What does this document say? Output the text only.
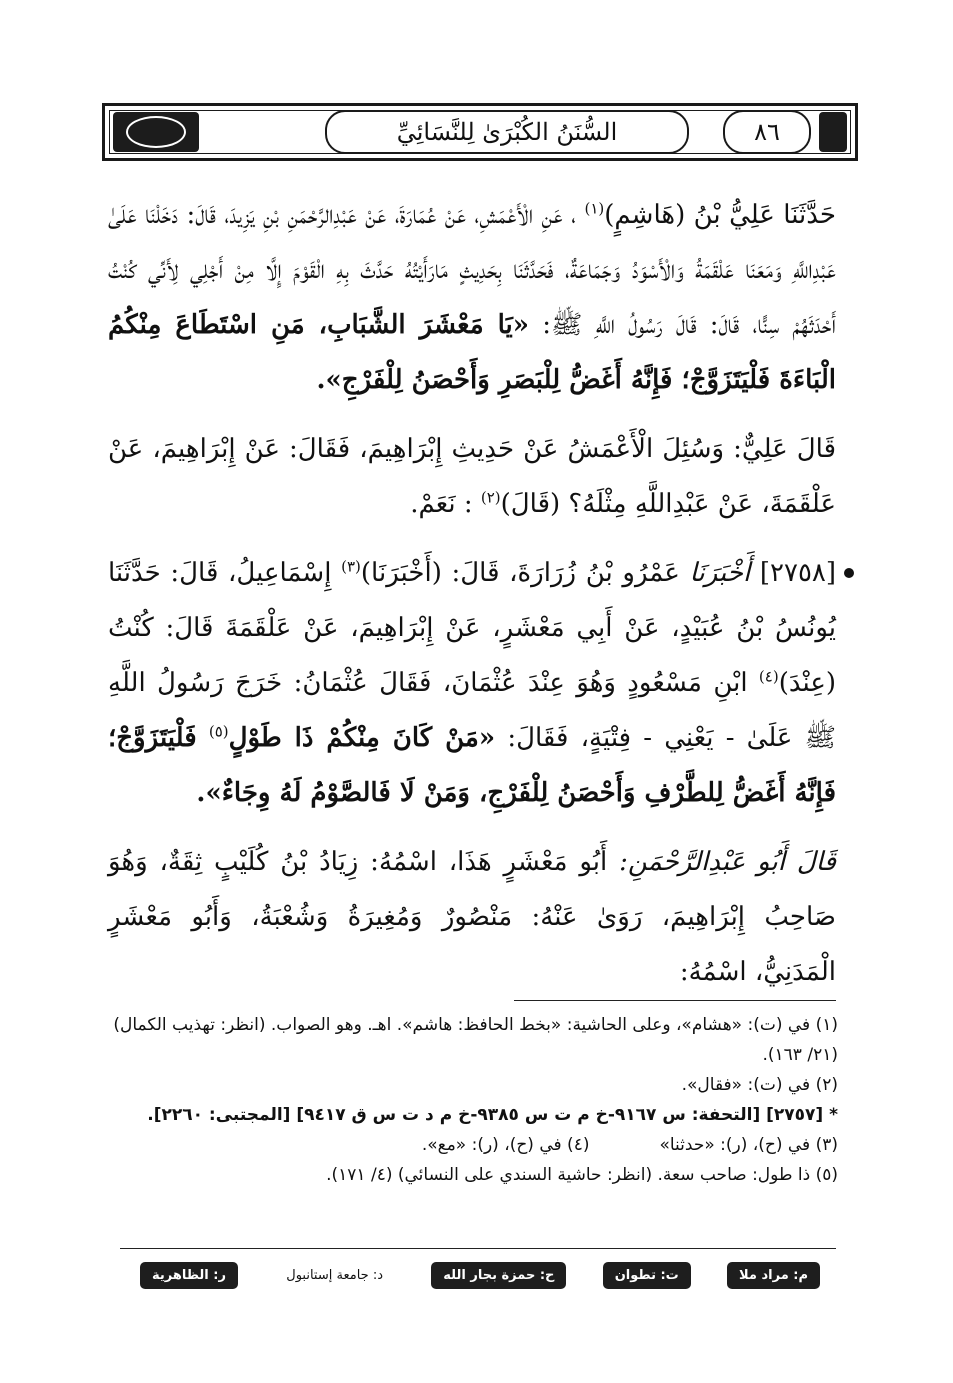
السُّنَنُ الكُبْرَىٰ لِلنَّسَائِيِّ	٨٦
حَدَّثَنَا عَلِيُّ بْنُ (هَاشِمٍ)$^{(١)}$ ، عَنِ الْأَعْمَشِ، عَنْ عُمَارَةَ، عَنْ عَبْدِالرَّحْمَنِ بْنِ يَزِيدَ، قَالَ: دَخَلْنَا عَلَىٰ عَبْدِاللَّهِ وَمَعَنَا عَلْقَمَةُ وَالْأَسْوَدُ وَجَمَاعَةٌ، فَحَدَّثَنَا بِحَدِيثٍ مَارَأَيْتُهُ حَدَّثَ بِهِ الْقَوْمَ إِلَّا مِنْ أَجْلِي لِأَنِّي كُنْتُ أَحْدَثَهُمْ سِنًّا، قَالَ: قَالَ رَسُولُ اللَّهِ ﷺ: «يَا مَعْشَرَ الشَّبَابِ، مَنِ اسْتَطَاعَ مِنْكُمُ الْبَاءَةَ فَلْيَتَزَوَّجْ؛ فَإِنَّهُ أَغَضُّ لِلْبَصَرِ وَأَحْصَنُ لِلْفَرْجِ».
قَالَ عَلِيٌّ: وَسُئِلَ الْأَعْمَشُ عَنْ حَدِيثِ إِبْرَاهِيمَ، فَقَالَ: عَنْ إِبْرَاهِيمَ، عَنْ عَلْقَمَةَ، عَنْ عَبْدِاللَّهِ مِثْلَهُ؟ (قَالَ)$^{(٢)}$ : نَعَمْ.
[٢٧٥٨] أَخْبَرَنَا عَمْرُو بْنُ زُرَارَةَ، قَالَ: (أَخْبَرَنَا)$^{(٣)}$ إِسْمَاعِيلُ، قَالَ: حَدَّثَنَا يُونُسُ بْنُ عُبَيْدٍ، عَنْ أَبِي مَعْشَرٍ، عَنْ إِبْرَاهِيمَ، عَنْ عَلْقَمَةَ قَالَ: كُنْتُ (عِنْدَ)$^{(٤)}$ ابْنِ مَسْعُودٍ وَهُوَ عِنْدَ عُثْمَانَ، فَقَالَ عُثْمَانُ: خَرَجَ رَسُولُ اللَّهِ ﷺ عَلَىٰ - يَعْنِي - فِتْيَةٍ، فَقَالَ: «مَنْ كَانَ مِنْكُمْ ذَا طَوْلٍ$^{(٥)}$ فَلْيَتَزَوَّجْ؛ فَإِنَّهُ أَغَضُّ لِلطَّرْفِ وَأَحْصَنُ لِلْفَرْجِ، وَمَنْ لَا فَالصَّوْمُ لَهُ وِجَاءٌ».
قَالَ أَبُو عَبْدِالرَّحْمَنِ: أَبُو مَعْشَرٍ هَذَا، اسْمُهُ: زِيَادُ بْنُ كُلَيْبٍ ثِقَةٌ، وَهُوَ صَاحِبُ إِبْرَاهِيمَ، رَوَىٰ عَنْهُ: مَنْصُورٌ وَمُغِيرَةُ وَشُعْبَةُ، وَأَبُو مَعْشَرٍ الْمَدَنِيُّ، اسْمُهُ:

(١) في (ت): «هشام»، وعلى الحاشية: «بخط الحافظ: هاشم». اهـ. وهو الصواب. (انظر: تهذيب الكمال) (٢١/ ١٦٣).

(٢) في (ت): «فقال».

* [٢٧٥٧] [التحفة: س ٩١٦٧-خ م ت س ٩٣٨٥-خ م د ت س ق ٩٤١٧] [المجتبى: ٢٢٦٠].

(٣) في (ح)، (ر): «حدثنا»
(٤) في (ح)، (ر): «مع».

(٥) ذا طول: صاحب سعة. (انظر: حاشية السندي على النسائي) (٤/ ١٧١).

م: مراد ملا
ت: تطوان
ح: حمزة بجار الله
د: جامعة إستانبول
ر: الظاهرية
